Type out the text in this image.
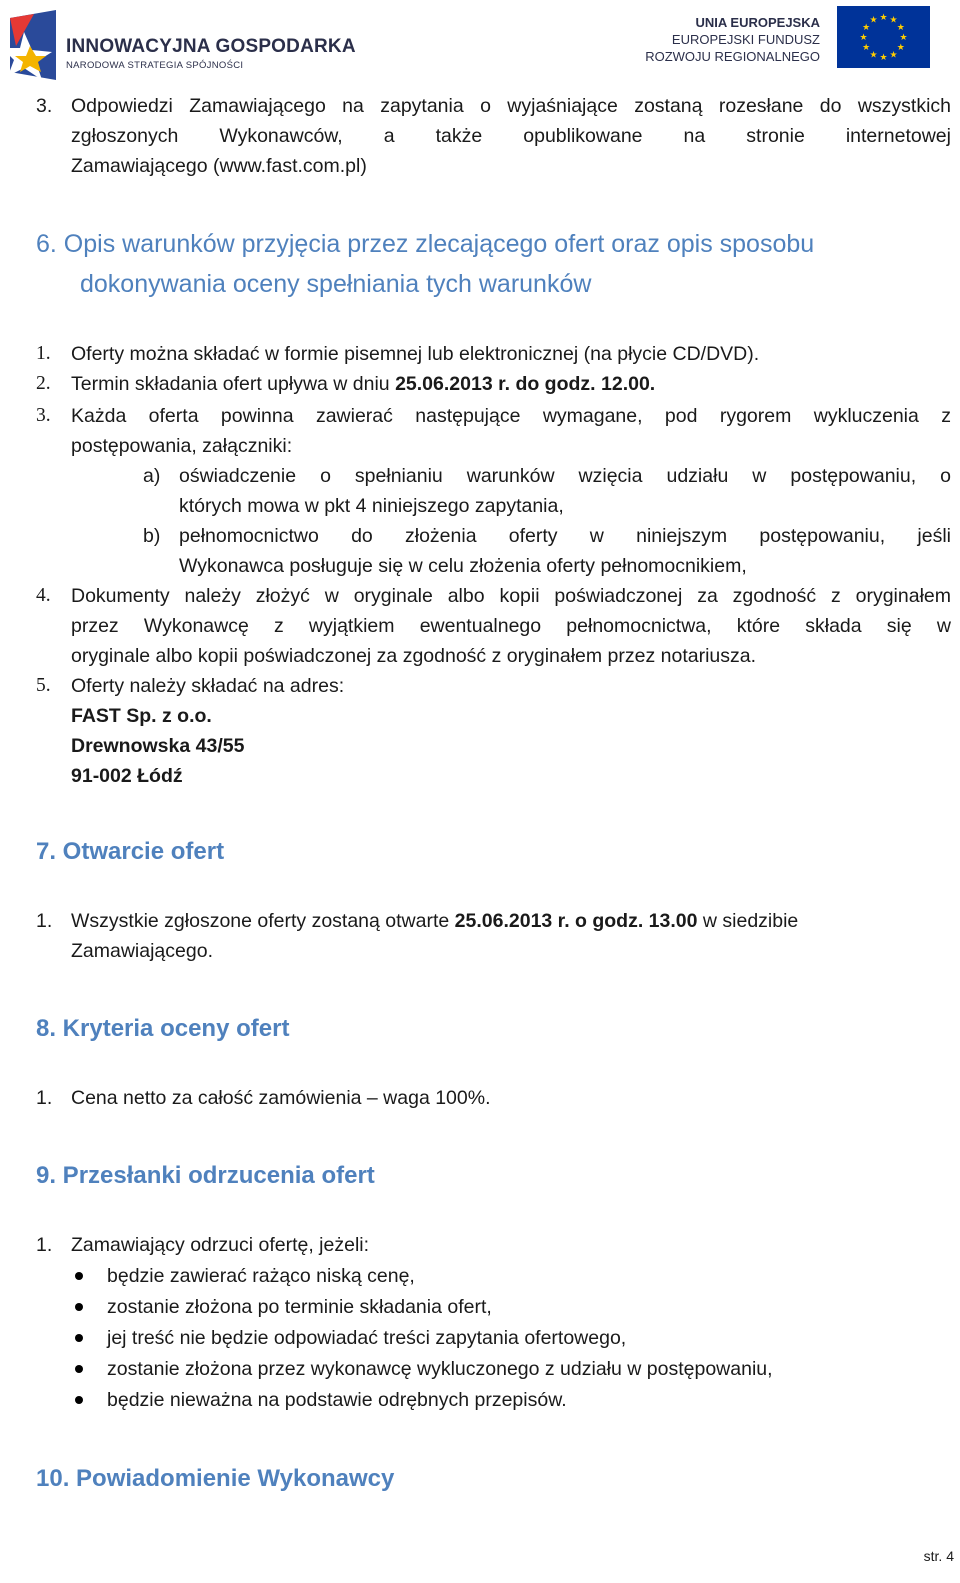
INNOWACYJNA GOSPODARKA
NARODOWA STRATEGIA SPÓJNOŚCI
UNIA EUROPEJSKA
EUROPEJSKI FUNDUSZ
ROZWOJU REGIONALNEGO
★ ★
★
★
★
★
★
★
★
★
★
★
3. Odpowiedzi Zamawiającego na zapytania o wyjaśniające zostaną rozesłane do wszystkich
zgłoszonych Wykonawców, a także opublikowane na stronie internetowej
Zamawiającego (www.fast.com.pl)
6. Opis warunków przyjęcia przez zlecającego ofert oraz opis sposobu
dokonywania oceny spełniania tych warunków
1. Oferty można składać w formie pisemnej lub elektronicznej (na płycie CD/DVD).
2. Termin składania ofert upływa w dniu 25.06.2013 r. do godz. 12.00.
3. Każda oferta powinna zawierać następujące wymagane, pod rygorem wykluczenia z
postępowania, załączniki:
a) oświadczenie o spełnianiu warunków wzięcia udziału w postępowaniu, o
których mowa w pkt 4 niniejszego zapytania,
b) pełnomocnictwo do złożenia oferty w niniejszym postępowaniu, jeśli
Wykonawca posługuje się w celu złożenia oferty pełnomocnikiem,
4. Dokumenty należy złożyć w oryginale albo kopii poświadczonej za zgodność z oryginałem
przez Wykonawcę z wyjątkiem ewentualnego pełnomocnictwa, które składa się w
oryginale albo kopii poświadczonej za zgodność z oryginałem przez notariusza.
5. Oferty należy składać na adres:
FAST Sp. z o.o.
Drewnowska 43/55
91-002 Łódź
7. Otwarcie ofert
1. Wszystkie zgłoszone oferty zostaną otwarte 25.06.2013 r. o godz. 13.00 w siedzibie
Zamawiającego.
8. Kryteria oceny ofert
1. Cena netto za całość zamówienia – waga 100%.
9. Przesłanki odrzucenia ofert
1. Zamawiający odrzuci ofertę, jeżeli:
będzie zawierać rażąco niską cenę,
zostanie złożona po terminie składania ofert,
jej treść nie będzie odpowiadać treści zapytania ofertowego,
zostanie złożona przez wykonawcę wykluczonego z udziału w postępowaniu,
będzie nieważna na podstawie odrębnych przepisów.
10. Powiadomienie Wykonawcy
str. 4
